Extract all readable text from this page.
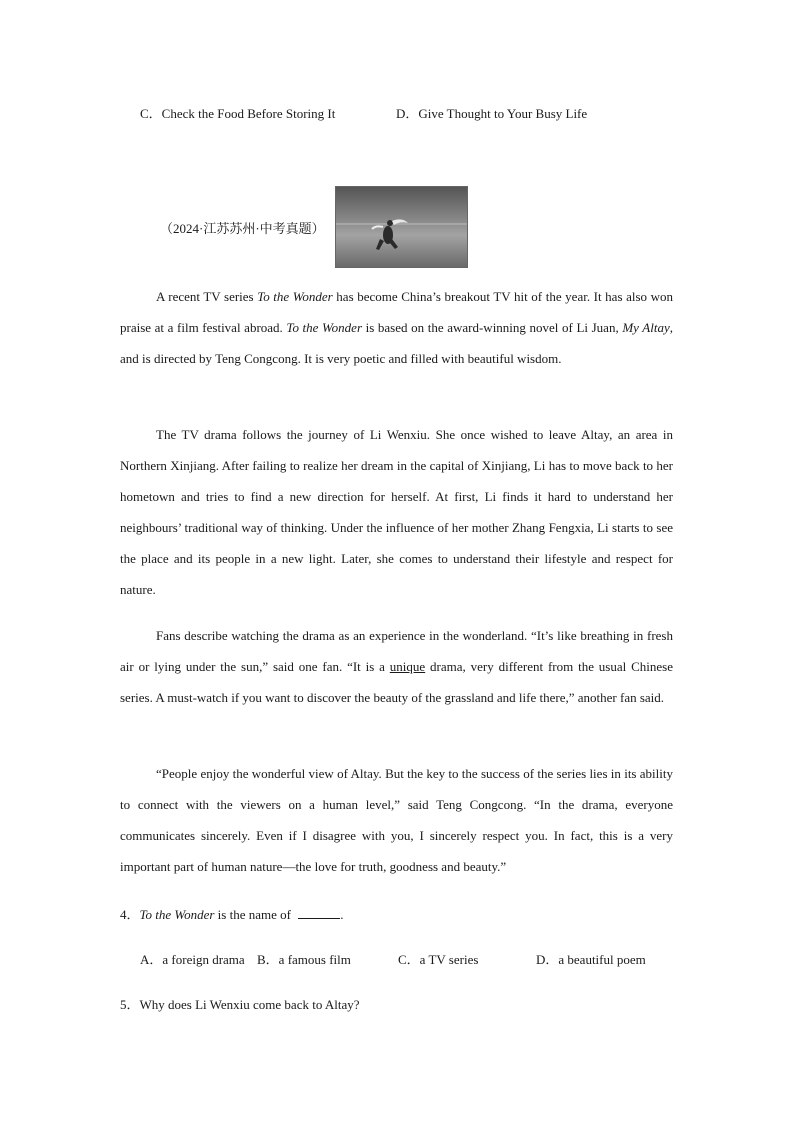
C．Check the Food Before Storing It	D．Give Thought to Your Busy Life
（2024·江苏苏州·中考真题）

A recent TV series To the Wonder has become China’s breakout TV hit of the year. It has also won praise at a film festival abroad. To the Wonder is based on the award-winning novel of Li Juan, My Altay, and is directed by Teng Congcong. It is very poetic and filled with beautiful wisdom.

The TV drama follows the journey of Li Wenxiu. She once wished to leave Altay, an area in Northern Xinjiang. After failing to realize her dream in the capital of Xinjiang, Li has to move back to her hometown and tries to find a new direction for herself. At first, Li finds it hard to understand her neighbours’ traditional way of thinking. Under the influence of her mother Zhang Fengxia, Li starts to see the place and its people in a new light. Later, she comes to understand their lifestyle and respect for nature.

Fans describe watching the drama as an experience in the wonderland. “It’s like breathing in fresh air or lying under the sun,” said one fan. “It is a unique drama, very different from the usual Chinese series. A must-watch if you want to discover the beauty of the grassland and life there,” another fan said.

“People enjoy the wonderful view of Altay. But the key to the success of the series lies in its ability to connect with the viewers on a human level,” said Teng Congcong. “In the drama, everyone communicates sincerely. Even if I disagree with you, I sincerely respect you. In fact, this is a very important part of human nature—the love for truth, goodness and beauty.”

4．To the Wonder is the name of	.
A．a foreign drama B．a famous film	C．a TV series	D．a beautiful poem
5．Why does Li Wenxiu come back to Altay?
